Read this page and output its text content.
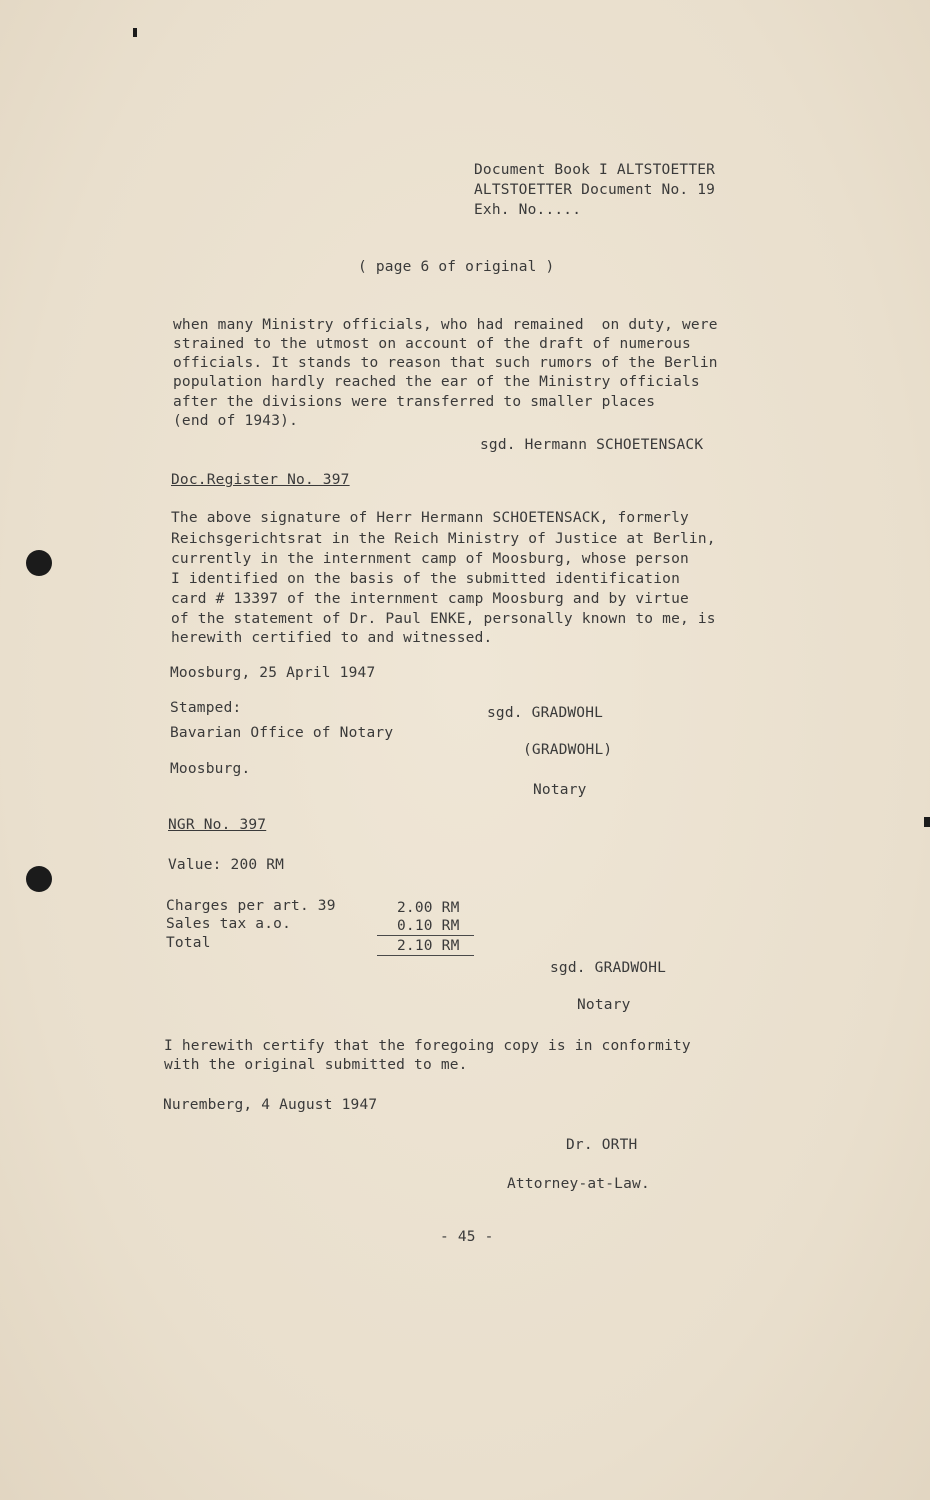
Document Book I ALTSTOETTER
ALTSTOETTER Document No. 19
Exh. No.....
( page 6 of original )
when many Ministry officials, who had remained  on duty, were
strained to the utmost on account of the draft of numerous
officials. It stands to reason that such rumors of the Berlin
population hardly reached the ear of the Ministry officials
after the divisions were transferred to smaller places
(end of 1943).
sgd. Hermann SCHOETENSACK
Doc.Register No. 397
The above signature of Herr Hermann SCHOETENSACK, formerly
Reichsgerichtsrat in the Reich Ministry of Justice at Berlin,
currently in the internment camp of Moosburg, whose person
I identified on the basis of the submitted identification
card # 13397 of the internment camp Moosburg and by virtue
of the statement of Dr. Paul ENKE, personally known to me, is
herewith certified to and witnessed.
Moosburg, 25 April 1947
Stamped:
Bavarian Office of Notary
Moosburg.
sgd. GRADWOHL
(GRADWOHL)
Notary
NGR No. 397
Value: 200 RM
Charges per art. 39	2.00 RM
Sales tax a.o.	0.10 RM
Total	2.10 RM
sgd. GRADWOHL
Notary
I herewith certify that the foregoing copy is in conformity
with the original submitted to me.
Nuremberg, 4 August 1947
Dr. ORTH
Attorney-at-Law.
- 45 -
